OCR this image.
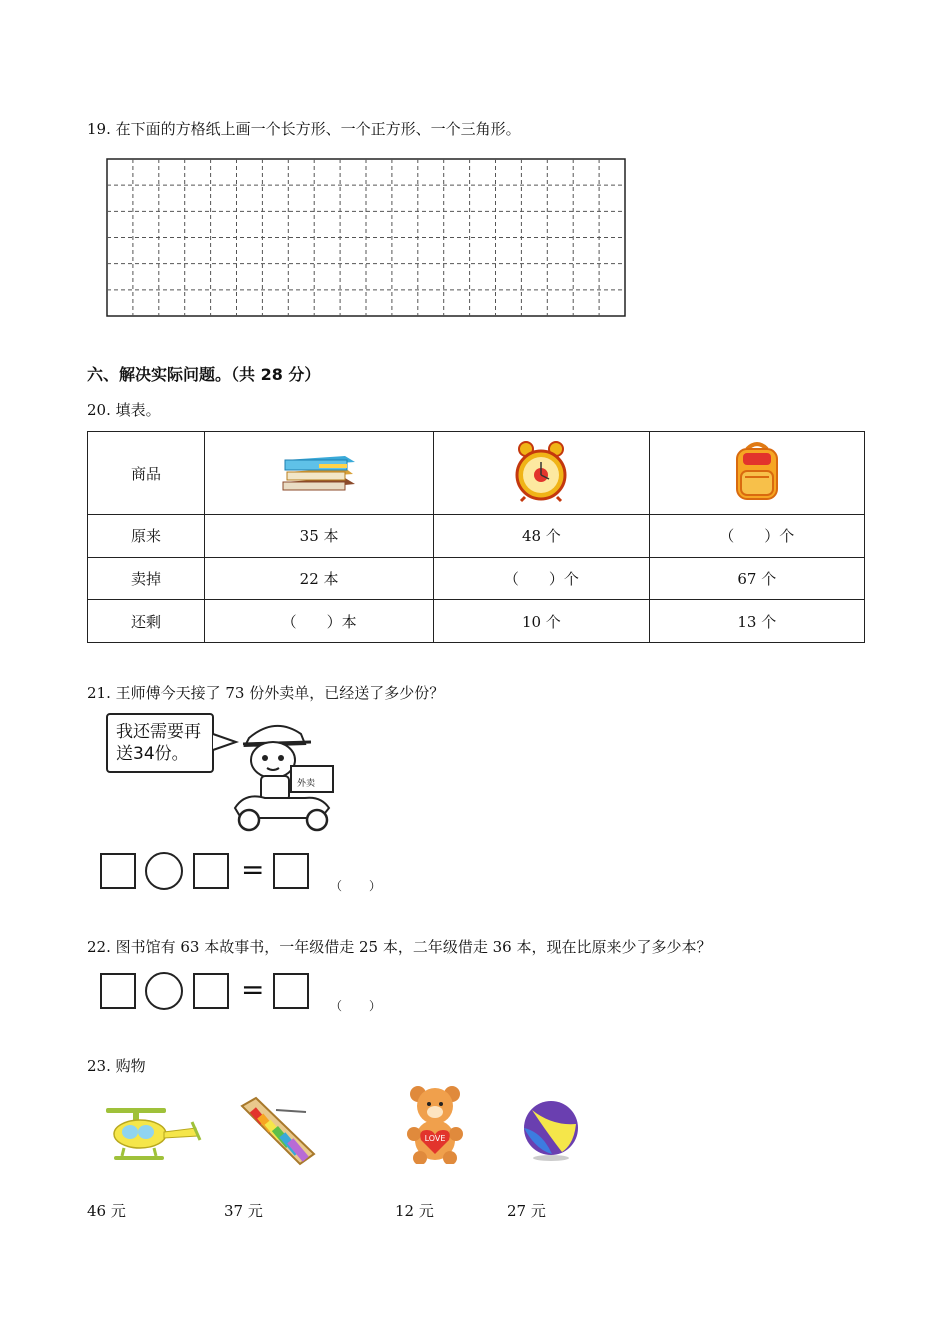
19. 在下面的方格纸上画一个长方形、一个正方形、一个三角形。
六、解决实际问题。（共 28 分）
20. 填表。
商品			
原来	35 本	48 个	（　　）个
卖掉	22 本	（　　）个	67 个
还剩	（　　）本	10 个	13 个
21. 王师傅今天接了 73 份外卖单，已经送了多少份？
我还需要再
送34份。
外卖
=	（　　）
22. 图书馆有 63 本故事书，一年级借走 25 本，二年级借走 36 本，现在比原来少了多少本？
=	（　　）
23. 购物
LOVE
46 元	37 元	12 元	27 元
